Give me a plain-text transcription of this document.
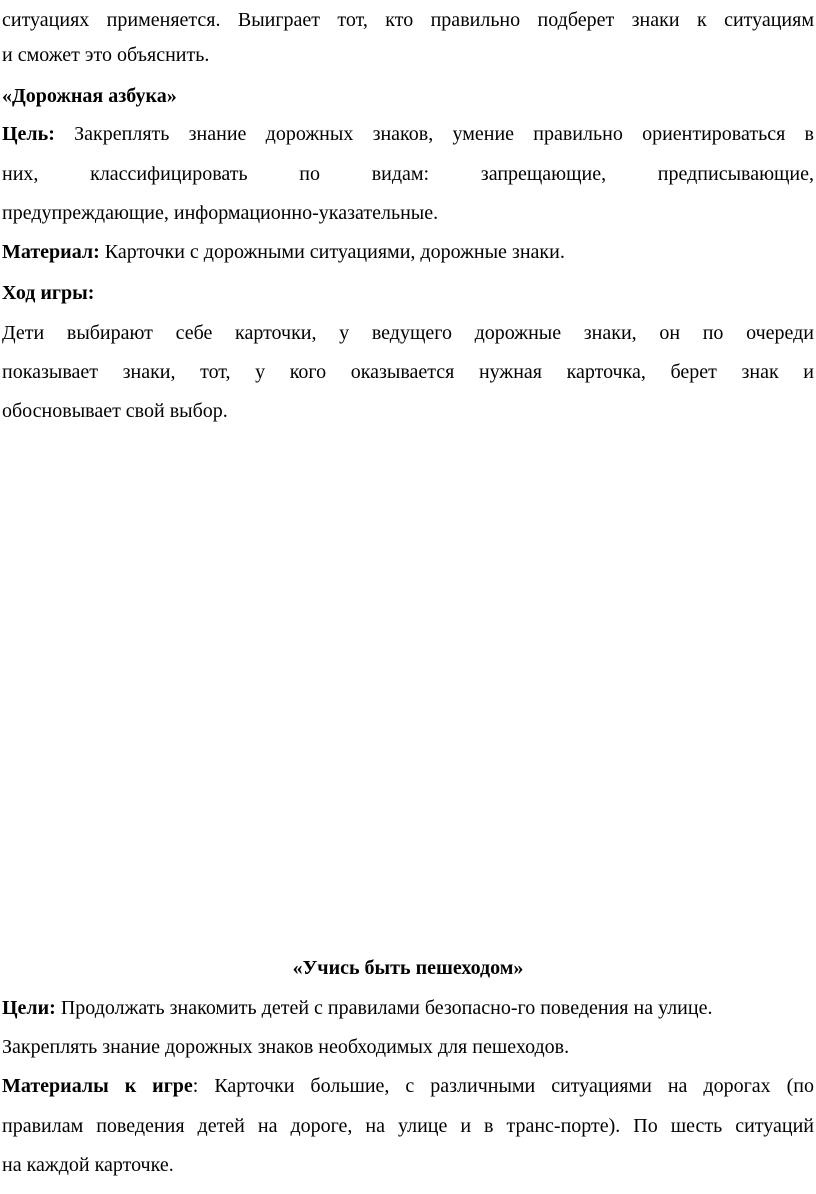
ситуациях применяется. Выиграет тот, кто правильно подберет знаки к ситуациям
и сможет это объяснить.
«Дорожная азбука»
Цель: Закреплять знание дорожных знаков, умение правильно ориентироваться в
них, классифицировать по видам: запрещающие, предписывающие,
предупреждающие, информационно-указательные.
Материал: Карточки с дорожными ситуациями, дорожные знаки.
Ход игры:
Дети выбирают себе карточки, у ведущего дорожные знаки, он по очереди
показывает знаки, тот, у кого оказывается нужная карточка, берет знак и
обосновывает свой выбор.
«Учись быть пешеходом»
Цели: Продолжать знакомить детей с правилами безопасно-го поведения на улице.
Закреплять знание дорожных знаков необходимых для пешеходов.
Материалы к игре: Карточки большие, с различными ситуациями на дорогах (по
правилам поведения детей на дороге, на улице и в транс-порте). По шесть ситуаций
на каждой карточке.
